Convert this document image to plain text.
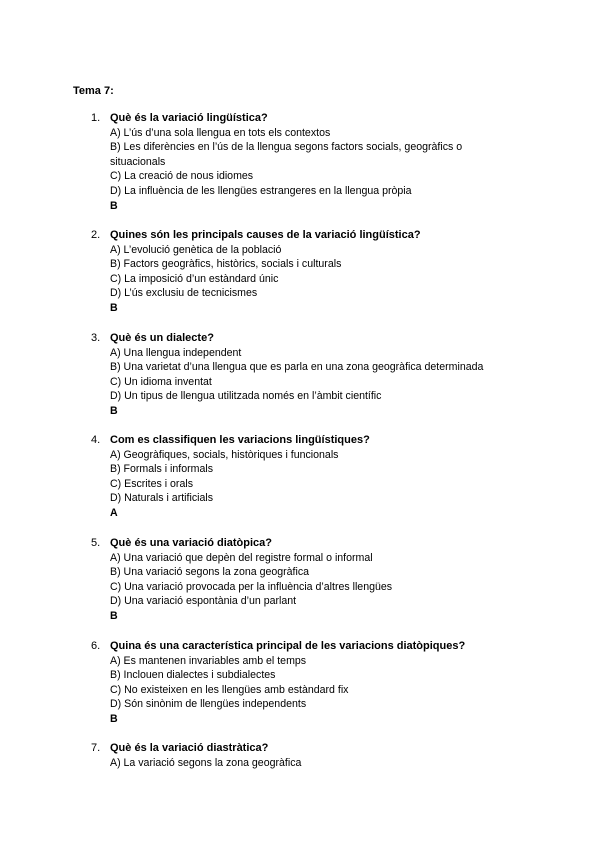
Tema 7:
1. Què és la variació lingüística?
A) L’ús d’una sola llengua en tots els contextos
B) Les diferències en l’ús de la llengua segons factors socials, geogràfics o situacionals
C) La creació de nous idiomes
D) La influència de les llengües estrangeres en la llengua pròpia
B
2. Quines són les principals causes de la variació lingüística?
A) L’evolució genètica de la població
B) Factors geogràfics, històrics, socials i culturals
C) La imposició d’un estàndard únic
D) L’ús exclusiu de tecnicismes
B
3. Què és un dialecte?
A) Una llengua independent
B) Una varietat d’una llengua que es parla en una zona geogràfica determinada
C) Un idioma inventat
D) Un tipus de llengua utilitzada només en l’àmbit científic
B
4. Com es classifiquen les variacions lingüístiques?
A) Geogràfiques, socials, històriques i funcionals
B) Formals i informals
C) Escrites i orals
D) Naturals i artificials
A
5. Què és una variació diatòpica?
A) Una variació que depèn del registre formal o informal
B) Una variació segons la zona geogràfica
C) Una variació provocada per la influència d’altres llengües
D) Una variació espontània d’un parlant
B
6. Quina és una característica principal de les variacions diatòpiques?
A) Es mantenen invariables amb el temps
B) Inclouen dialectes i subdialectes
C) No existeixen en les llengües amb estàndard fix
D) Són sinònim de llengües independents
B
7. Què és la variació diastràtica?
A) La variació segons la zona geogràfica
